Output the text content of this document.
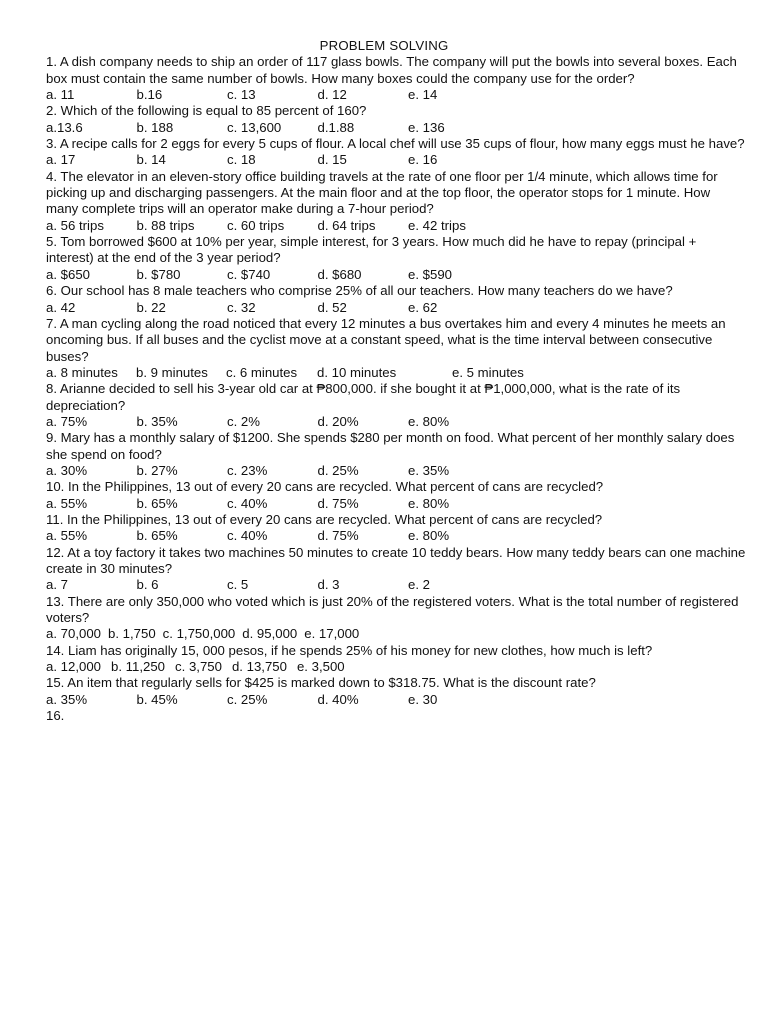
PROBLEM SOLVING
1. A dish company needs to ship an order of 117 glass bowls. The company will put the bowls into several boxes. Each box must contain the same number of bowls. How many boxes could the company use for the order?
a. 11	b.16	c. 13	d. 12	e. 14
2. Which of the following is equal to 85 percent of 160?
a.13.6	b. 188	c. 13,600	d.1.88	e. 136
3. A recipe calls for 2 eggs for every 5 cups of flour. A local chef will use 35 cups of flour, how many eggs must he have?
a. 17	b. 14	c. 18	d. 15	e. 16
4. The elevator in an eleven-story office building travels at the rate of one floor per 1/4 minute, which allows time for picking up and discharging passengers. At the main floor and at the top floor, the operator stops for 1 minute. How many complete trips will an operator make during a 7-hour period?
a. 56 trips	b. 88 trips	c. 60 trips	d. 64 trips	e. 42 trips
5. Tom borrowed $600 at 10% per year, simple interest, for 3 years. How much did he have to repay (principal + interest) at the end of the 3 year period?
a. $650	b. $780	c. $740	d. $680	e. $590
6. Our school has 8 male teachers who comprise 25% of all our teachers. How many teachers do we have?
a. 42	b. 22	c. 32	d. 52	e. 62
7. A man cycling along the road noticed that every 12 minutes a bus overtakes him and every 4 minutes he meets an oncoming bus. If all buses and the cyclist move at a constant speed, what is the time interval between consecutive buses?
a. 8 minutes	b. 9 minutes	c. 6 minutes	d. 10 minutes	e. 5 minutes
8. Arianne decided to sell his 3-year old car at ₱800,000. if she bought it at ₱1,000,000, what is the rate of its depreciation?
a. 75%	b. 35%	c. 2%	d. 20%	e. 80%
9. Mary has a monthly salary of $1200. She spends $280 per month on food. What percent of her monthly salary does she spend on food?
a. 30%	b. 27%	c. 23%	d. 25%	e. 35%
10. In the Philippines, 13 out of every 20 cans are recycled. What percent of cans are recycled?
a. 55%	b. 65%	c. 40%	d. 75%	e. 80%
11. In the Philippines, 13 out of every 20 cans are recycled. What percent of cans are recycled?
a. 55%	b. 65%	c. 40%	d. 75%	e. 80%
12. At a toy factory it takes two machines 50 minutes to create 10 teddy bears. How many teddy bears can one machine create in 30 minutes?
a. 7	b. 6	c. 5	d. 3	e. 2
13. There are only 350,000 who voted which is just 20% of the registered voters. What is the total number of registered voters?
a. 70,000 b. 1,750 c. 1,750,000 d. 95,000 e. 17,000
14. Liam has originally 15, 000 pesos, if he spends 25% of his money for new clothes, how much is left?
a. 12,000 b. 11,250 c. 3,750 d. 13,750 e. 3,500
15. An item that regularly sells for $425 is marked down to $318.75. What is the discount rate?
a. 35%	b. 45%	c. 25%	d. 40%	e. 30
16.
